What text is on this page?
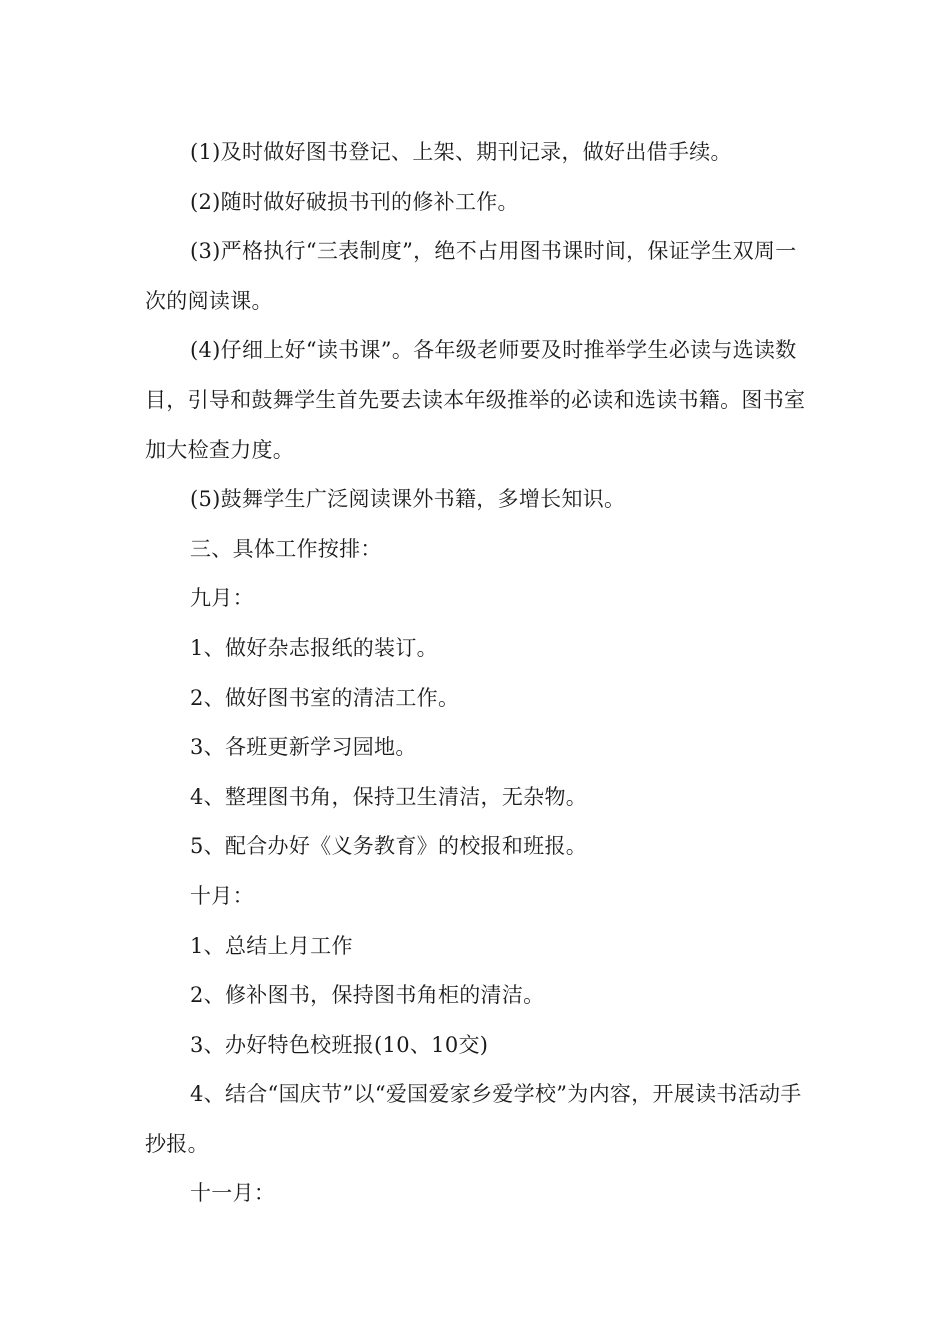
(1)及时做好图书登记、上架、期刊记录，做好出借手续。

(2)随时做好破损书刊的修补工作。

(3)严格执行“三表制度”，绝不占用图书课时间，保证学生双周一次的阅读课。

(4)仔细上好“读书课”。各年级老师要及时推举学生必读与选读数目，引导和鼓舞学生首先要去读本年级推举的必读和选读书籍。图书室加大检查力度。

(5)鼓舞学生广泛阅读课外书籍，多增长知识。

三、具体工作按排：

九月：

1、做好杂志报纸的装订。

2、做好图书室的清洁工作。

3、各班更新学习园地。

4、整理图书角，保持卫生清洁，无杂物。

5、配合办好《义务教育》的校报和班报。

十月：

1、总结上月工作

2、修补图书，保持图书角柜的清洁。

3、办好特色校班报(10、10交)

4、结合“国庆节”以“爱国爱家乡爱学校”为内容，开展读书活动手抄报。

十一月：
